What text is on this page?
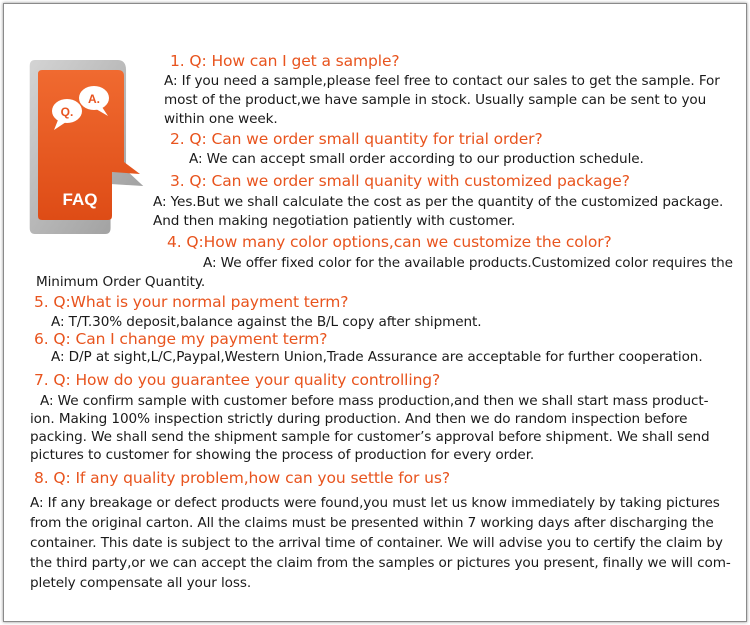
Q.
A.
FAQ
1. Q: How can I get a sample?
A: If you need a sample,please feel free to contact our sales to get the sample. For
most of the product,we have sample in stock. Usually sample can be sent to you
within one week.
2. Q: Can we order small quantity for trial order?
A: We can accept small order according to our production schedule.
3. Q: Can we order small quanity with customized package?
A: Yes.But we shall calculate the cost as per the quantity of the customized package.
And then making negotiation patiently with customer.
4. Q:How many color options,can we customize the color?
A: We offer fixed color for the available products.Customized color requires the
Minimum Order Quantity.
5. Q:What is your normal payment term?
A: T/T.30% deposit,balance against the B/L copy after shipment.
6. Q: Can I change my payment term?
A: D/P at sight,L/C,Paypal,Western Union,Trade Assurance are acceptable for further cooperation.
7. Q: How do you guarantee your quality controlling?
A: We confirm sample with customer before mass production,and then we shall start mass product-
ion. Making 100% inspection strictly during production. And then we do random inspection before
packing. We shall send the shipment sample for customer’s approval before shipment. We shall send
pictures to customer for showing the process of production for every order.
8. Q: If any quality problem,how can you settle for us?
A: If any breakage or defect products were found,you must let us know immediately by taking pictures
from the original carton. All the claims must be presented within 7 working days after discharging the
container. This date is subject to the arrival time of container. We will advise you to certify the claim by
the third party,or we can accept the claim from the samples or pictures you present, finally we will com-
pletely compensate all your loss.
